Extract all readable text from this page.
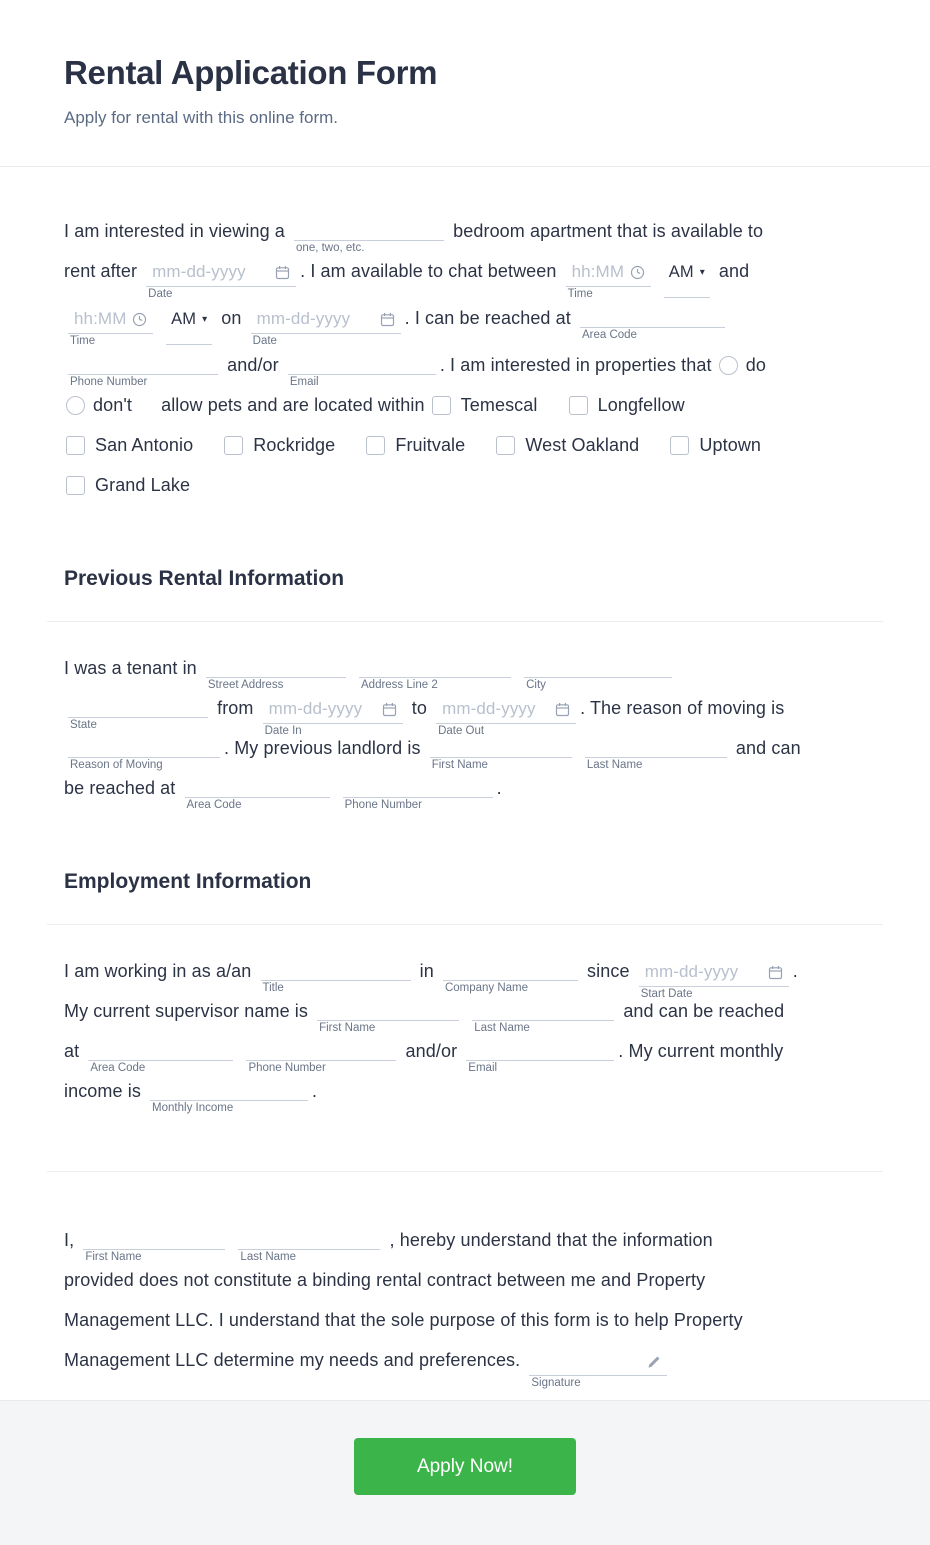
Rental Application Form
Apply for rental with this online form.

I am interested in viewing a
one, two, etc.
bedroom apartment that is available to
rent after mm-dd-yyyy
Date
. I am available to chat between hh:MM
Time
AM ▾ and

hh:MM
Time
AM ▾ on mm-dd-yyyy
Date
. I can be reached at
Area Code

Phone Number
and/or
Email
. I am interested in properties that do
don't allow pets and are located within Temescal	Longfellow
San Antonio	Rockridge	Fruitvale	West Oakland	Uptown
Grand Lake

Previous Rental Information

I was a tenant in
Street Address
	Address Line 2
	City

State
from mm-dd-yyyy
Date In
to mm-dd-yyyy
Date Out
. The reason of moving is
Reason of Moving
. My previous landlord is
First Name
	Last Name
and can
be reached at
Area Code
	Phone Number
.

Employment Information

I am working in as a/an
Title
in
Company Name
since mm-dd-yyyy
Start Date
.
My current supervisor name is
First Name
	Last Name
and can be reached
at
Area Code
	Phone Number
and/or
Email
. My current monthly
income is
Monthly Income
.

I,
First Name
	Last Name
, hereby understand that the information
provided does not constitute a binding rental contract between me and Property
Management LLC. I understand that the sole purpose of this form is to help Property
Management LLC determine my needs and preferences.
Signature

Apply Now!
